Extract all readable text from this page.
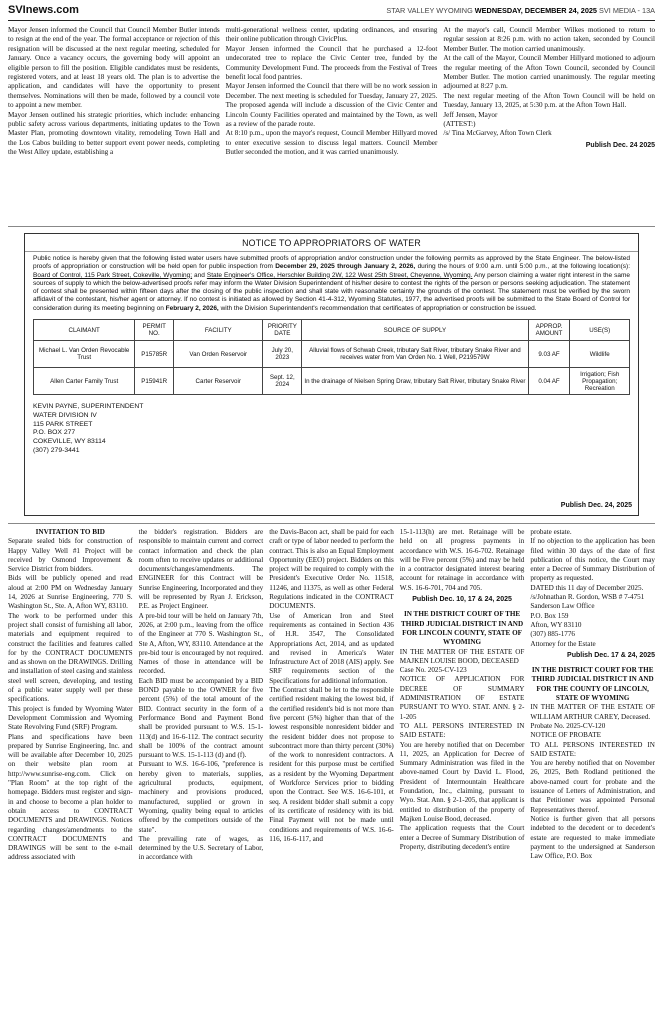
SVInews.com	STAR VALLEY WYOMING WEDNESDAY, DECEMBER 24, 2025 SVI MEDIA - 13A

Mayor Jensen informed the Council that Council Member Butler intends to resign at the end of the year. The formal acceptance or rejection of this resignation will be discussed at the next regular meeting, scheduled for January. Once a vacancy occurs, the governing body will appoint an eligible person to fill the position. Eligible candidates must be residents, registered voters, and at least 18 years old. The plan is to advertise the application, and candidates will have the opportunity to present themselves. Nominations will then be made, followed by a council vote to appoint a new member.

Mayor Jensen outlined his strategic priorities, which include: enhancing public safety across various departments, initiating updates to the Town Master Plan, promoting downtown vitality, remodeling Town Hall and the Los Cabos building to better support event power needs, completing the West Alley update, establishing a

multi-generational wellness center, updating ordinances, and ensuring their online publication through CivicPlus.

Mayor Jensen informed the Council that he purchased a 12-foot undecorated tree to replace the Civic Center tree, funded by the Community Development Fund. The proceeds from the Festival of Trees benefit local food pantries.

Mayor Jensen informed the Council that there will be no work session in December. The next meeting is scheduled for Tuesday, January 27, 2025. The proposed agenda will include a discussion of the Civic Center and Lincoln County Facilities operated and maintained by the Town, as well as a review of the parade route.

At 8:10 p.m., upon the mayor's request, Council Member Hillyard moved to enter executive session to discuss legal matters. Council Member Butler seconded the motion, and it was carried unanimously.

At the mayor's call, Council Member Wilkes motioned to return to regular session at 8:26 p.m. with no action taken, seconded by Council Member Butler. The motion carried unanimously.

At the call of the Mayor, Council Member Hillyard motioned to adjourn the regular meeting of the Afton Town Council, seconded by Council Member Butler. The motion carried unanimously. The regular meeting adjourned at 8:27 p.m.

The next regular meeting of the Afton Town Council will be held on Tuesday, January 13, 2025, at 5:30 p.m. at the Afton Town Hall.

Jeff Jensen, Mayor

(ATTEST:)

/s/ Tina McGarvey, Afton Town Clerk

Publish Dec. 24 2025

NOTICE TO APPROPRIATORS OF WATER

Public notice is hereby given that the following listed water users have submitted proofs of appropriation and/or construction under the following permits as approved by the State Engineer. The below-listed proofs of appropriation or construction will be held open for public inspection from December 29, 2025 through January 2, 2026, during the hours of 9:00 a.m. until 5:00 p.m., at the following location(s): Board of Control, 115 Park Street, Cokeville, Wyoming; and State Engineer's Office, Herschler Building 2W, 122 West 25th Street, Cheyenne, Wyoming. Any person claiming a water right interest in the same sources of supply to which the below-advertised proofs refer may inform the Water Division Superintendent of his/her desire to contest the rights of the person or persons seeking adjudication. The statement of contest shall be presented within fifteen days after the closing of the public inspection and shall state with reasonable certainty the grounds of the contest. The statement must be verified by the sworn affidavit of the contestant, his/her agent or attorney. If no contest is initiated as allowed by Section 41-4-312, Wyoming Statutes, 1977, the advertised proofs will be submitted to the State Board of Control for consideration during its meeting beginning on February 2, 2026, with the Division Superintendent's recommendation that certificates of appropriation or construction be issued.

CLAIMANT	PERMIT NO.	FACILITY	PRIORITY DATE	SOURCE OF SUPPLY	APPROP. AMOUNT	USE(S)
Michael L. Van Orden Revocable Trust	P15785R	Van Orden Reservoir	July 20, 2023	Alluvial flows of Schwab Creek, tributary Salt River, tributary Snake River and receives water from Van Orden No. 1 Well, P219579W	9.03 AF	Wildlife
Allen Carter Family Trust	P15941R	Carter Reservoir	Sept. 12, 2024	In the drainage of Nielsen Spring Draw, tributary Salt River, tributary Snake River	0.04 AF	Irrigation; Fish Propagation; Recreation
KEVIN PAYNE, SUPERINTENDENT
WATER DIVISION IV
115 PARK STREET
P.O. BOX 277
COKEVILLE, WY 83114
(307) 279-3441
Publish Dec. 24, 2025

INVITATION TO BID

Separate sealed bids for construction of Happy Valley Well #1 Project will be received by Osmond Improvement & Service District from bidders.

Bids will be publicly opened and read aloud at 2:00 PM on Wednesday January 14, 2026 at Sunrise Engineering, 770 S. Washington St., Ste. A, Afton WY, 83110.

The work to be performed under this project shall consist of furnishing all labor, materials and equipment required to construct the facilities and features called for by the CONTRACT DOCUMENTS and as shown on the DRAWINGS. Drilling and installation of steel casing and stainless steel well screen, developing, and testing of a public water supply well per these specifications.

This project is funded by Wyoming Water Development Commission and Wyoming State Revolving Fund (SRF) Program.

Plans and specifications have been prepared by Sunrise Engineering, Inc. and will be available after December 10, 2025 on their website plan room at http://www.sunrise-eng.com. Click on "Plan Room" at the top right of the homepage. Bidders must register and sign-in and choose to become a plan holder to obtain access to CONTRACT DOCUMENTS and DRAWINGS. Notices regarding changes/amendments to the CONTRACT DOCUMENTS and DRAWINGS will be sent to the e-mail address associated with

the bidder's registration. Bidders are responsible to maintain current and correct contact information and check the plan room often to receive updates or additional documents/changes/amendments. The ENGINEER for this Contract will be Sunrise Engineering, Incorporated and they will be represented by Ryan J. Erickson, P.E. as Project Engineer.

A pre-bid tour will be held on January 7th, 2026, at 2:00 p.m., leaving from the office of the Engineer at 770 S. Washington St., Ste A, Afton, WY, 83110. Attendance at the pre-bid tour is encouraged by not required. Names of those in attendance will be recorded.

Each BID must be accompanied by a BID BOND payable to the OWNER for five percent (5%) of the total amount of the BID. Contract security in the form of a Performance Bond and Payment Bond shall be provided pursuant to W.S. 15-1-113(d) and 16-6-112. The contract security shall be 100% of the contract amount pursuant to W.S. 15-1-113 (d) and (f).

Pursuant to W.S. 16-6-106, "preference is hereby given to materials, supplies, agricultural products, equipment, machinery and provisions produced, manufactured, supplied or grown in Wyoming, quality being equal to articles offered by the competitors outside of the state".

The prevailing rate of wages, as determined by the U.S. Secretary of Labor, in accordance with

the Davis-Bacon act, shall be paid for each craft or type of labor needed to perform the contract. This is also an Equal Employment Opportunity (EEO) project. Bidders on this project will be required to comply with the President's Executive Order No. 11518, 11246, and 11375, as well as other Federal Regulations indicated in the CONTRACT DOCUMENTS.

Use of American Iron and Steel requirements as contained in Section 436 of H.R. 3547, The Consolidated Appropriations Act, 2014, and as updated and revised in America's Water Infrastructure Act of 2018 (AIS) apply. See SRF requirements section of the Specifications for additional information.

The Contract shall be let to the responsible certified resident making the lowest bid, if the certified resident's bid is not more than five percent (5%) higher than that of the lowest responsible nonresident bidder and the resident bidder does not propose to subcontract more than thirty percent (30%) of the work to nonresident contractors. A resident for this purpose must be certified as a resident by the Wyoming Department of Workforce Services prior to bidding upon the Contract. See W.S. 16-6-101, et seq. A resident bidder shall submit a copy of its certificate of residency with its bid. Final Payment will not be made until conditions and requirements of W.S. 16-6-116, 16-6-117, and

15-1-113(h) are met. Retainage will be held on all progress payments in accordance with W.S. 16-6-702. Retainage will be Five percent (5%) and may be held in a contractor designated interest bearing account for retainage in accordance with W.S. 16-6-701, 704 and 705.

Publish Dec. 10, 17 & 24, 2025

IN THE DISTRICT COURT OF THE THIRD JUDICIAL DISTRICT IN AND FOR LINCOLN COUNTY, STATE OF WYOMING

IN THE MATTER OF THE ESTATE OF MAJKEN LOUISE BOOD, DECEASED

Case No. 2025-CV-123

NOTICE OF APPLICATION FOR DECREE OF SUMMARY ADMINISTRATION OF ESTATE PURSUANT TO WYO. STAT. ANN. § 2-1-205

TO ALL PERSONS INTERESTED IN SAID ESTATE:

You are hereby notified that on December 11, 2025, an Application for Decree of Summary Administration was filed in the above-named Court by David L. Flood, President of Intermountain Healthcare Foundation, Inc., claiming, pursuant to Wyo. Stat. Ann. § 2-1-205, that applicant is entitled to distribution of the property of Majken Louise Bood, deceased.

The application requests that the Court enter a Decree of Summary Distribution of Property, distributing decedent's entire

probate estate.

If no objection to the application has been filed within 30 days of the date of first publication of this notice, the Court may enter a Decree of Summary Distribution of property as requested.

DATED this 11 day of December 2025.

/s/Johnathan R. Gordon, WSB # 7-4751

Sanderson Law Office

P.O. Box 159

Afton, WY 83110

(307) 885-1776

Attorney for the Estate

Publish Dec. 17 & 24, 2025

IN THE DISTRICT COURT FOR THE THIRD JUDICIAL DISTRICT IN AND FOR THE COUNTY OF LINCOLN, STATE OF WYOMING

IN THE MATTER OF THE ESTATE OF WILLIAM ARTHUR CAREY, Deceased.

Probate No. 2025-CV-120

NOTICE OF PROBATE

TO ALL PERSONS INTERESTED IN SAID ESTATE:

You are hereby notified that on November 26, 2025, Beth Rodland petitioned the above-named court for probate and the issuance of Letters of Administration, and that Petitioner was appointed Personal Representatives thereof.

Notice is further given that all persons indebted to the decedent or to decedent's estate are requested to make immediate payment to the undersigned at Sanderson Law Office, P.O. Box
